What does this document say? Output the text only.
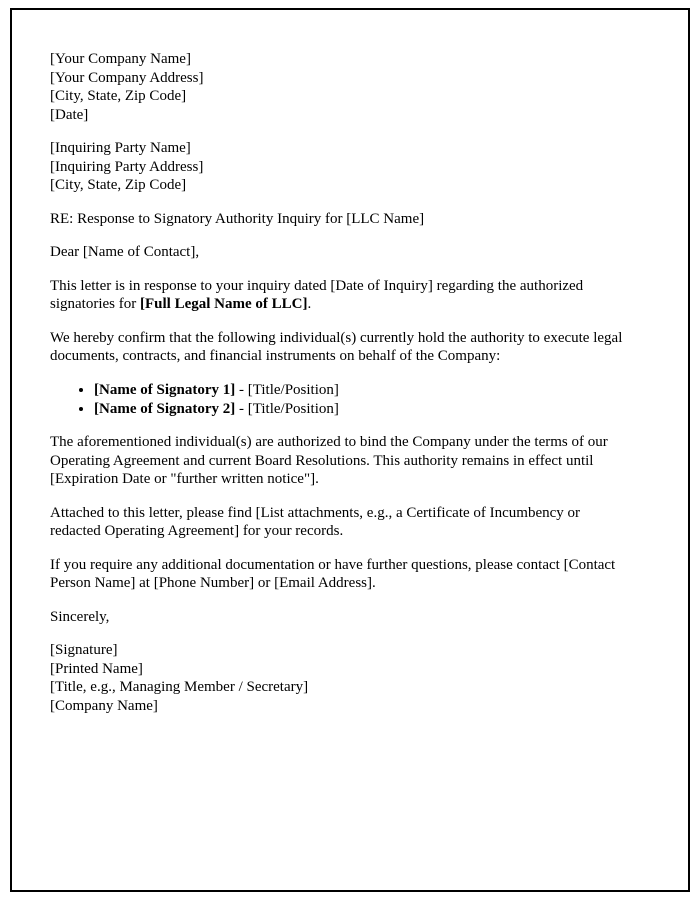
[Your Company Name]
[Your Company Address]
[City, State, Zip Code]
[Date]
[Inquiring Party Name]
[Inquiring Party Address]
[City, State, Zip Code]
RE: Response to Signatory Authority Inquiry for [LLC Name]
Dear [Name of Contact],
This letter is in response to your inquiry dated [Date of Inquiry] regarding the authorized signatories for [Full Legal Name of LLC].
We hereby confirm that the following individual(s) currently hold the authority to execute legal documents, contracts, and financial instruments on behalf of the Company:
• [Name of Signatory 1] - [Title/Position]
• [Name of Signatory 2] - [Title/Position]
The aforementioned individual(s) are authorized to bind the Company under the terms of our Operating Agreement and current Board Resolutions. This authority remains in effect until [Expiration Date or "further written notice"].
Attached to this letter, please find [List attachments, e.g., a Certificate of Incumbency or redacted Operating Agreement] for your records.
If you require any additional documentation or have further questions, please contact [Contact Person Name] at [Phone Number] or [Email Address].
Sincerely,
[Signature]
[Printed Name]
[Title, e.g., Managing Member / Secretary]
[Company Name]
